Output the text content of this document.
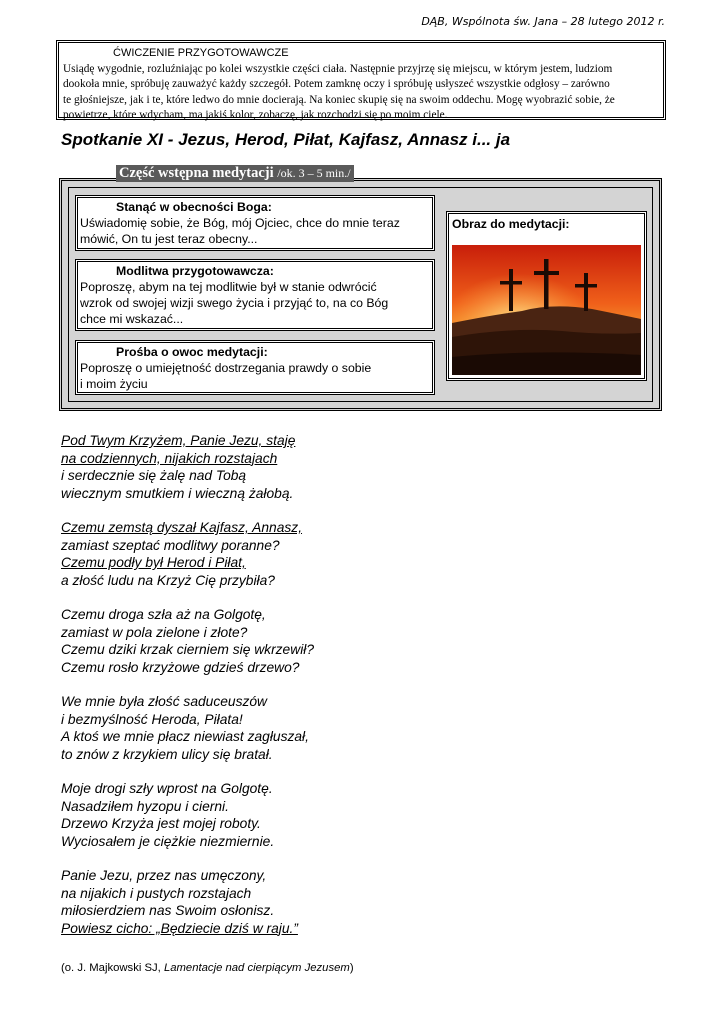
DĄB, Wspólnota św. Jana – 28 lutego 2012 r.
ĆWICZENIE PRZYGOTOWAWCZE
Usiądę wygodnie, rozluźniając po kolei wszystkie części ciała. Następnie przyjrzę się miejscu, w którym jestem, ludziom
dookoła mnie, spróbuję zauważyć każdy szczegół. Potem zamknę oczy i spróbuję usłyszeć wszystkie odgłosy – zarówno
te głośniejsze, jak i te, które ledwo do mnie docierają. Na koniec skupię się na swoim oddechu. Mogę wyobrazić sobie, że
powietrze, które wdycham, ma jakiś kolor, zobaczę, jak rozchodzi się po moim ciele.
Spotkanie XI - Jezus, Herod, Piłat, Kajfasz, Annasz i... ja
Część wstępna medytacji /ok. 3 – 5 min./
Stanąć w obecności Boga:
Uświadomię sobie, że Bóg, mój Ojciec, chce do mnie teraz
mówić, On tu jest teraz obecny...
Modlitwa przygotowawcza:
Poproszę, abym na tej modlitwie był w stanie odwrócić
wzrok od swojej wizji swego życia i przyjąć to, na co Bóg
chce mi wskazać...
Prośba o owoc medytacji:
Poproszę o umiejętność dostrzegania prawdy o sobie
i moim życiu
Obraz do medytacji:
Pod Twym Krzyżem, Panie Jezu, staję
na codziennych, nijakich rozstajach
i serdecznie się żalę nad Tobą
wiecznym smutkiem i wieczną żałobą.
Czemu zemstą dyszał Kajfasz, Annasz,
zamiast szeptać modlitwy poranne?
Czemu podły był Herod i Piłat,
a złość ludu na Krzyż Cię przybiła?
Czemu droga szła aż na Golgotę,
zamiast w pola zielone i złote?
Czemu dziki krzak cierniem się wkrzewił?
Czemu rosło krzyżowe gdzieś drzewo?
We mnie była złość saduceuszów
i bezmyślność Heroda, Piłata!
A ktoś we mnie płacz niewiast zagłuszał,
to znów z krzykiem ulicy się bratał.
Moje drogi szły wprost na Golgotę.
Nasadziłem hyzopu i cierni.
Drzewo Krzyża jest mojej roboty.
Wyciosałem je ciężkie niezmiernie.
Panie Jezu, przez nas umęczony,
na nijakich i pustych rozstajach
miłosierdziem nas Swoim osłonisz.
Powiesz cicho: „Będziecie dziś w raju.”
(o. J. Majkowski SJ, Lamentacje nad cierpiącym Jezusem)
